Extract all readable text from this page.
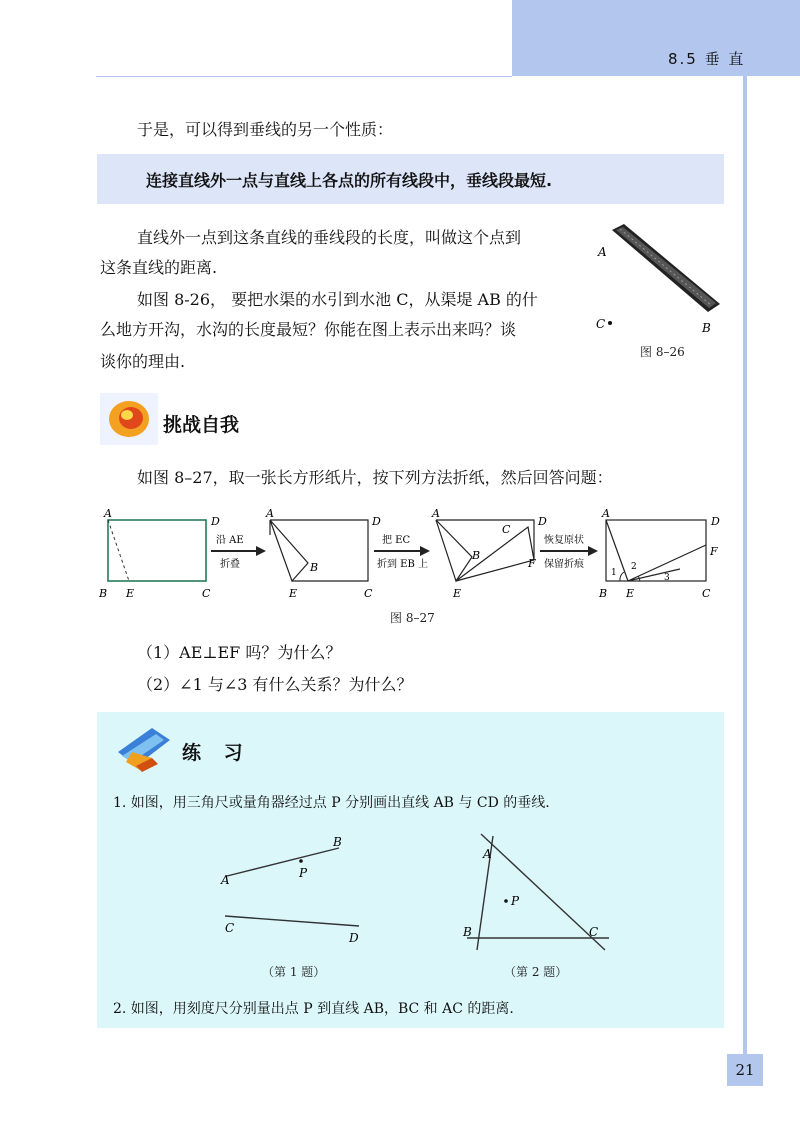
8.5 垂 直
于是，可以得到垂线的另一个性质：
连接直线外一点与直线上各点的所有线段中，垂线段最短.
直线外一点到这条直线的垂线段的长度，叫做这个点到
这条直线的距离.
如图 8-26， 要把水渠的水引到水池 C，从渠堤 AB 的什
么地方开沟，水沟的长度最短？你能在图上表示出来吗？谈
谈你的理由.
A
B
C
图 8–26
挑战自我
如图 8–27，取一张长方形纸片，按下列方法折纸，然后回答问题：
A
D
B E	C
沿 AE
折叠
A
D
B
E	C
把 EC
折到 EB 上
A
D
B
C
F
E
恢复原状
保留折痕
A
D
F
B E	C
1
2
3
图 8–27
（1）AE⊥EF 吗？为什么？
（2）∠1 与∠3 有什么关系？为什么？
练 习
1. 如图，用三角尺或量角器经过点 P 分别画出直线 AB 与 CD 的垂线.
A
B
P
C
D
（第 1 题）
A
B	C
P
（第 2 题）
2. 如图，用刻度尺分别量出点 P 到直线 AB，BC 和 AC 的距离.
21
